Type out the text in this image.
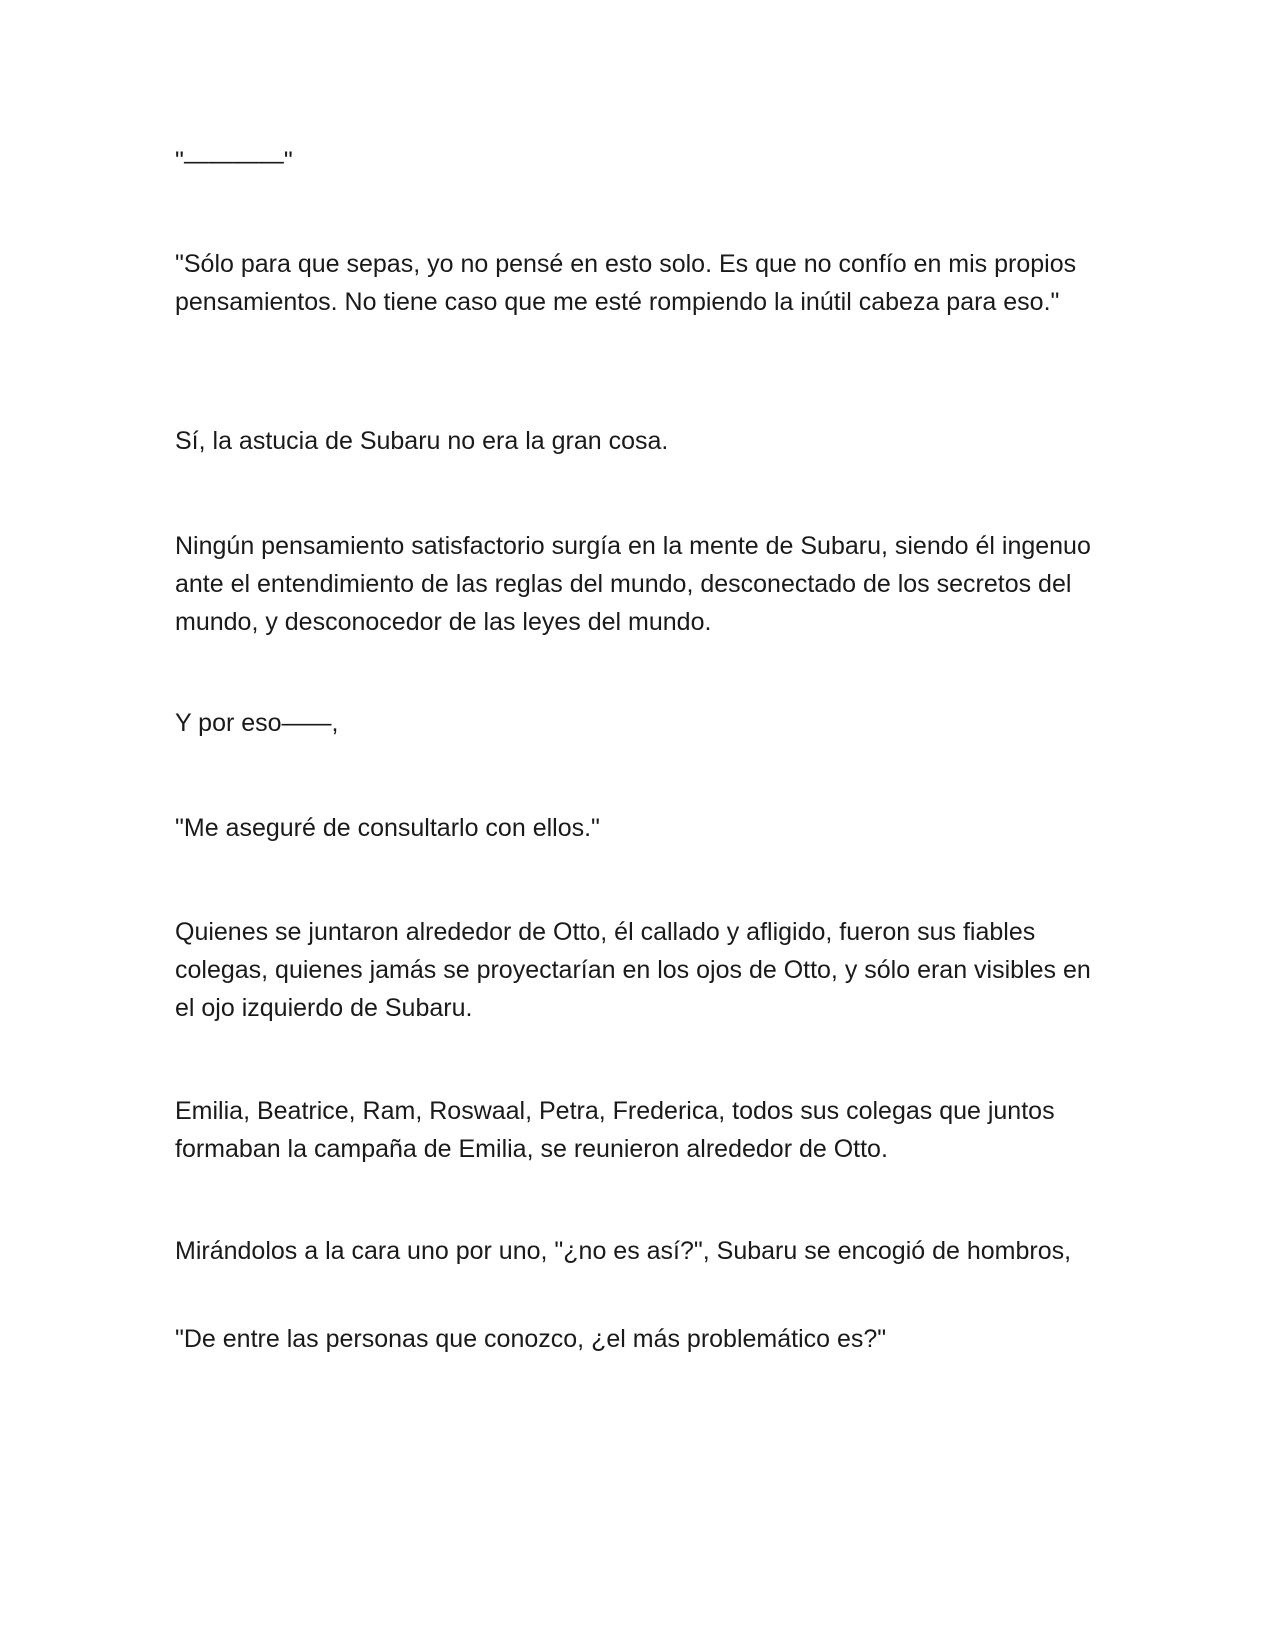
"————"

"Sólo para que sepas, yo no pensé en esto solo. Es que no confío en mis propios pensamientos. No tiene caso que me esté rompiendo la inútil cabeza para eso."

Sí, la astucia de Subaru no era la gran cosa.

Ningún pensamiento satisfactorio surgía en la mente de Subaru, siendo él ingenuo ante el entendimiento de las reglas del mundo, desconectado de los secretos del mundo, y desconocedor de las leyes del mundo.

Y por eso——,

"Me aseguré de consultarlo con ellos."

Quienes se juntaron alrededor de Otto, él callado y afligido, fueron sus fiables colegas, quienes jamás se proyectarían en los ojos de Otto, y sólo eran visibles en el ojo izquierdo de Subaru.

Emilia, Beatrice, Ram, Roswaal, Petra, Frederica, todos sus colegas que juntos formaban la campaña de Emilia, se reunieron alrededor de Otto.

Mirándolos a la cara uno por uno, "¿no es así?", Subaru se encogió de hombros,

"De entre las personas que conozco, ¿el más problemático es?"
